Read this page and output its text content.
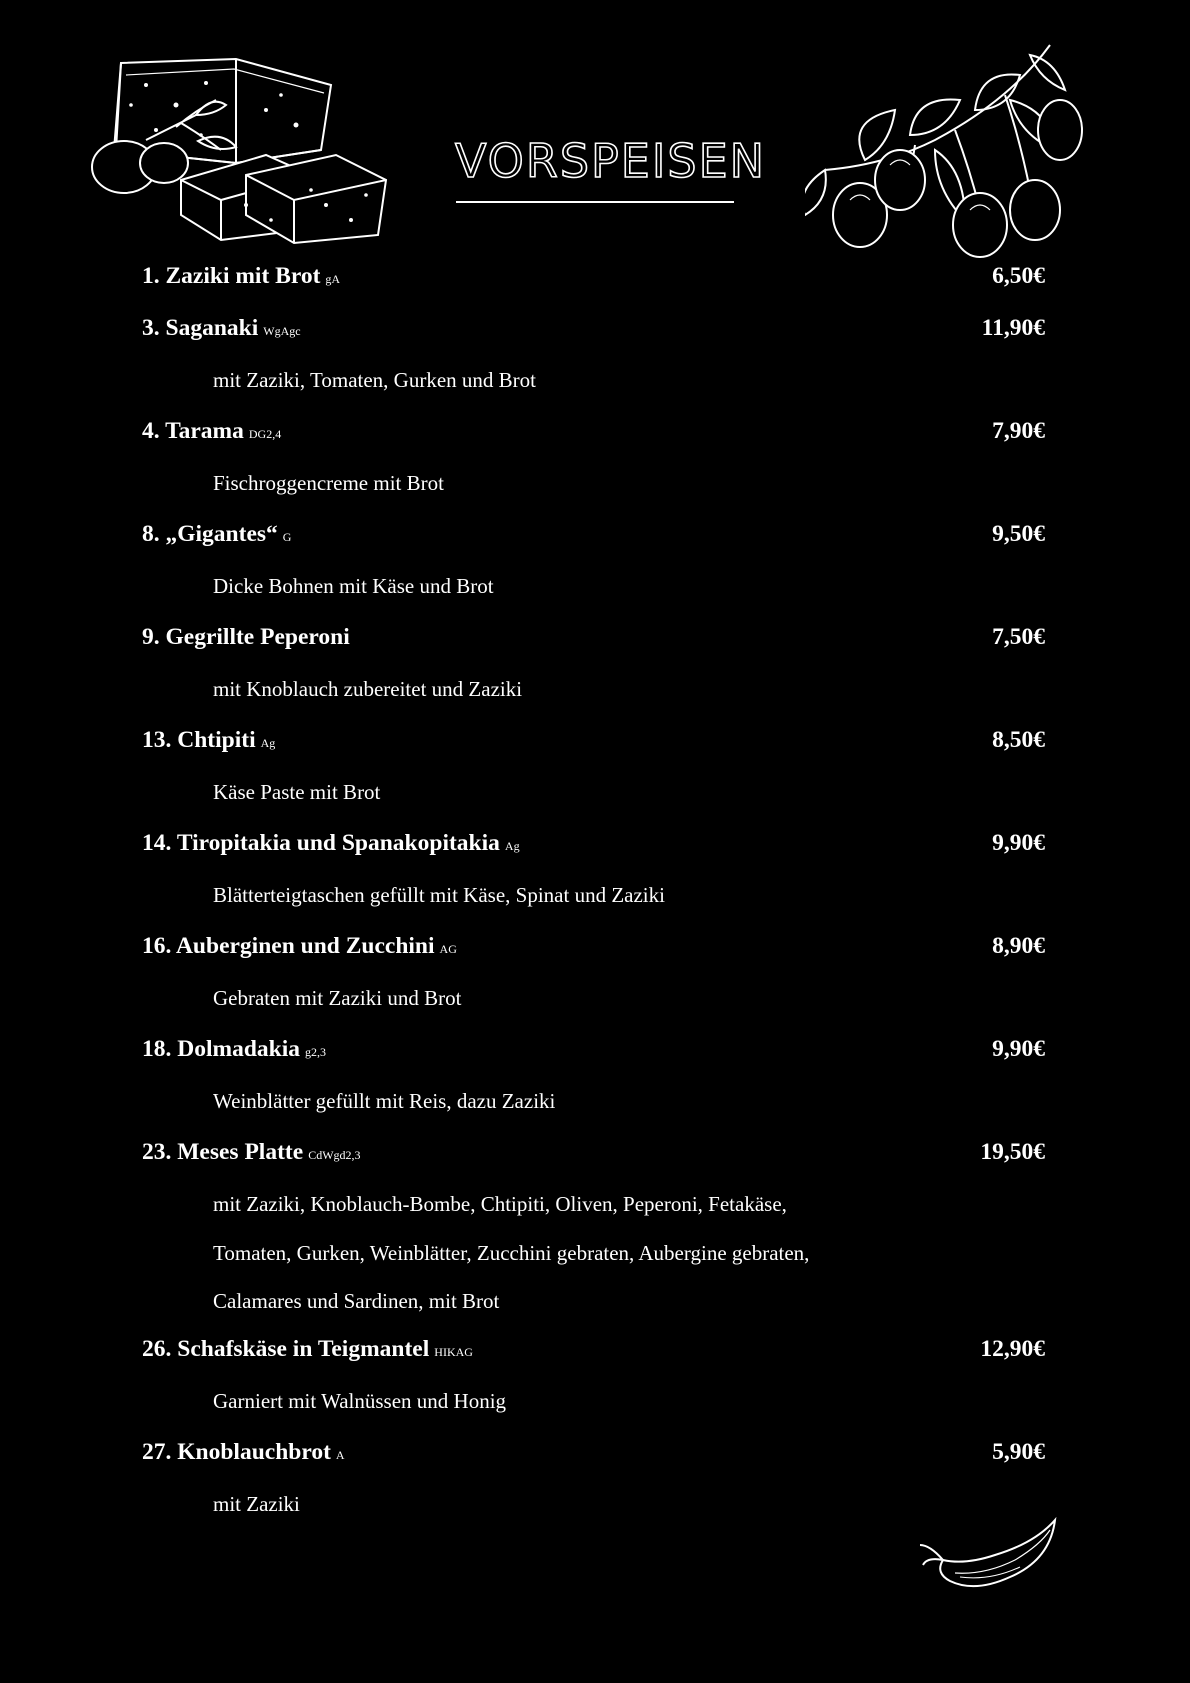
VORSPEISEN
1. Zaziki mit Brot gA	6,50€
3. Saganaki WgAgc	11,90€
mit Zaziki, Tomaten, Gurken und Brot
4. Tarama DG2,4	7,90€
Fischroggencreme mit Brot
8. „Gigantes“ G	9,50€
Dicke Bohnen mit Käse und Brot
9. Gegrillte Peperoni	7,50€
mit Knoblauch zubereitet und Zaziki
13. Chtipiti Ag	8,50€
Käse Paste mit Brot
14. Tiropitakia und Spanakopitakia Ag	9,90€
Blätterteigtaschen gefüllt mit Käse, Spinat und Zaziki
16. Auberginen und Zucchini AG	8,90€
Gebraten mit Zaziki und Brot
18. Dolmadakia g2,3	9,90€
Weinblätter gefüllt mit Reis, dazu Zaziki
23. Meses Platte CdWgd2,3	19,50€
mit Zaziki, Knoblauch-Bombe, Chtipiti, Oliven, Peperoni, Fetakäse,
Tomaten, Gurken, Weinblätter, Zucchini gebraten, Aubergine gebraten,
Calamares und Sardinen, mit Brot
26. Schafskäse in Teigmantel HIKAG	12,90€
Garniert mit Walnüssen und Honig
27. Knoblauchbrot A	5,90€
mit Zaziki
